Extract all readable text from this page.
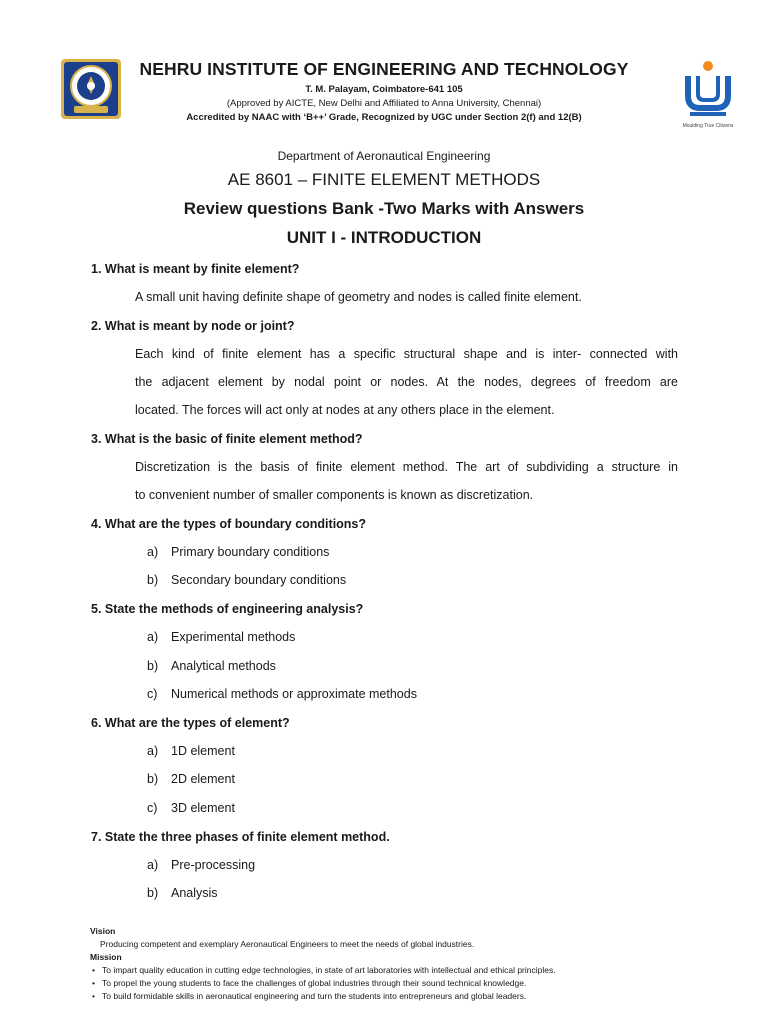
NEHRU INSTITUTE OF ENGINEERING AND TECHNOLOGY
T. M. Palayam, Coimbatore-641 105
(Approved by AICTE, New Delhi and Affiliated to Anna University, Chennai)
Accredited by NAAC with ‘B++’ Grade, Recognized by UGC under Section 2(f) and 12(B)
Moulding True Citizens
Department of Aeronautical Engineering
AE 8601 – FINITE ELEMENT METHODS
Review questions Bank -Two Marks with Answers
UNIT I - INTRODUCTION
1. What is meant by finite element?
A small unit having definite shape of geometry and nodes is called finite element.
2. What is meant by node or joint?
Each kind of finite element has a specific structural shape and is inter- connected with
the adjacent element by nodal point or nodes. At the nodes, degrees of freedom are
located. The forces will act only at nodes at any others place in the element.
3. What is the basic of finite element method?
Discretization is the basis of finite element method. The art of subdividing a structure in
to convenient number of smaller components is known as discretization.
4. What are the types of boundary conditions?
a) Primary boundary conditions
b) Secondary boundary conditions
5. State the methods of engineering analysis?
a) Experimental methods
b) Analytical methods
c) Numerical methods or approximate methods
6. What are the types of element?
a) 1D element
b) 2D element
c) 3D element
7. State the three phases of finite element method.
a) Pre-processing
b) Analysis
Vision
Producing competent and exemplary Aeronautical Engineers to meet the needs of global industries.
Mission
• To impart quality education in cutting edge technologies, in state of art laboratories with intellectual and ethical principles.
• To propel the young students to face the challenges of global industries through their sound technical knowledge.
• To build formidable skills in aeronautical engineering and turn the students into entrepreneurs and global leaders.
